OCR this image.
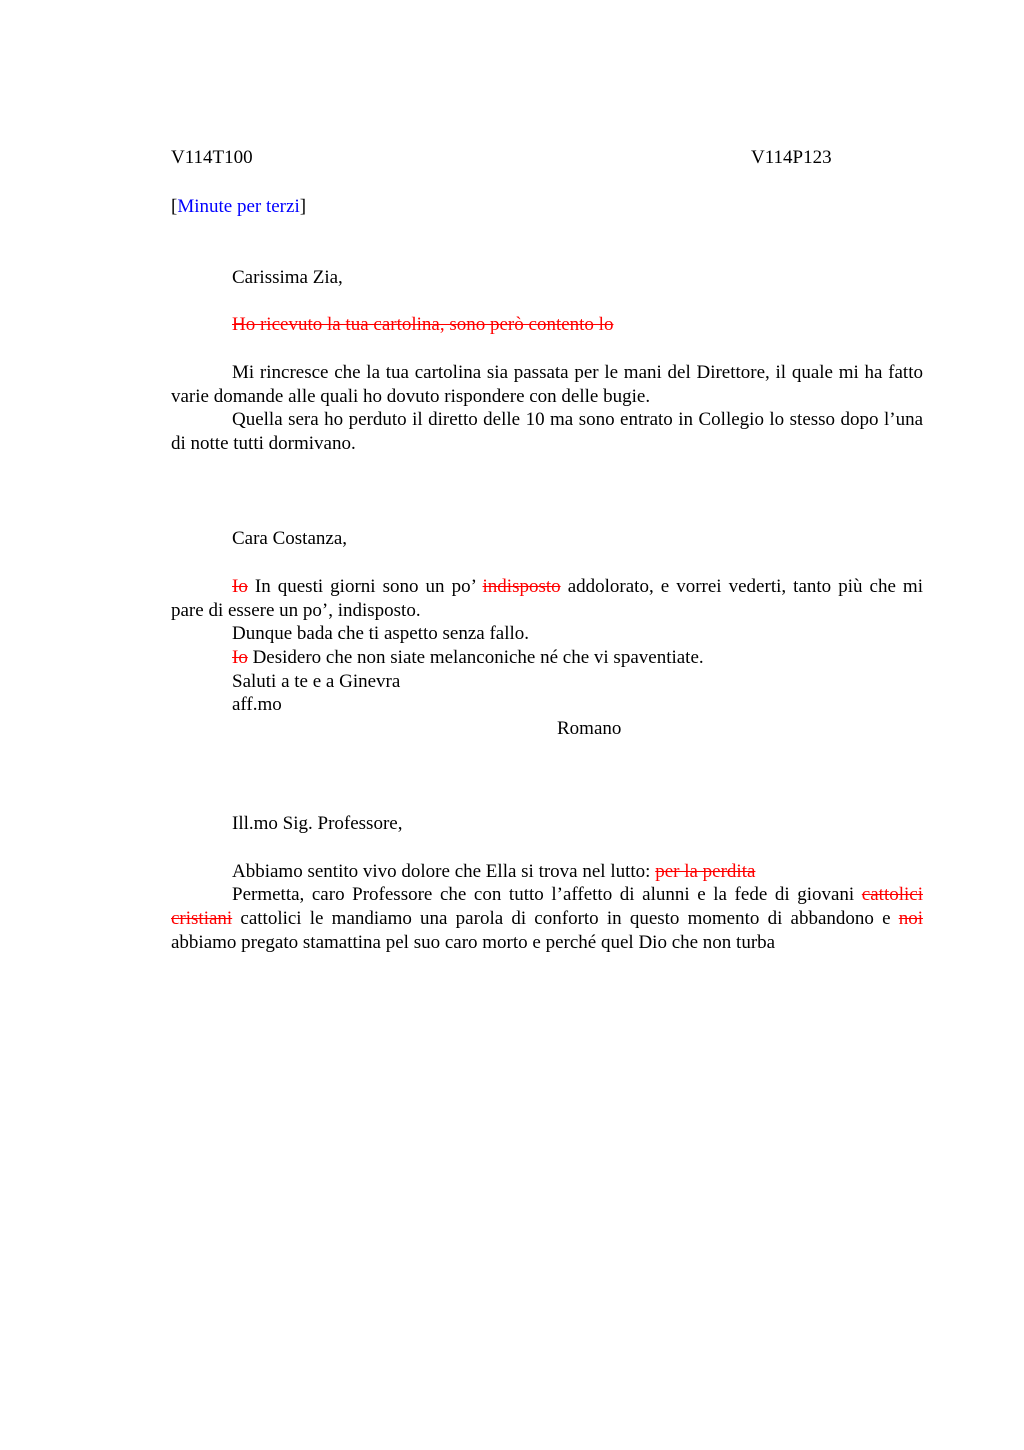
V114T100	V114P123
[Minute per terzi]
Carissima Zia,
Ho ricevuto la tua cartolina, sono però contento lo
Mi rincresce che la tua cartolina sia passata per le mani del Direttore, il quale mi ha fatto varie domande alle quali ho dovuto rispondere con delle bugie.
Quella sera ho perduto il diretto delle 10 ma sono entrato in Collegio lo stesso dopo l’una di notte tutti dormivano.
Cara Costanza,
Io In questi giorni sono un po’ indisposto addolorato, e vorrei vederti, tanto più che mi pare di essere un po’, indisposto.
Dunque bada che ti aspetto senza fallo.
Io Desidero che non siate melanconiche né che vi spaventiate.
Saluti a te e a Ginevra
aff.mo
Romano
Ill.mo Sig. Professore,
Abbiamo sentito vivo dolore che Ella si trova nel lutto: per la perdita
Permetta, caro Professore che con tutto l’affetto di alunni e la fede di giovani cattolici cristiani cattolici le mandiamo una parola di conforto in questo momento di abbandono e noi abbiamo pregato stamattina pel suo caro morto e perché quel Dio che non turba
